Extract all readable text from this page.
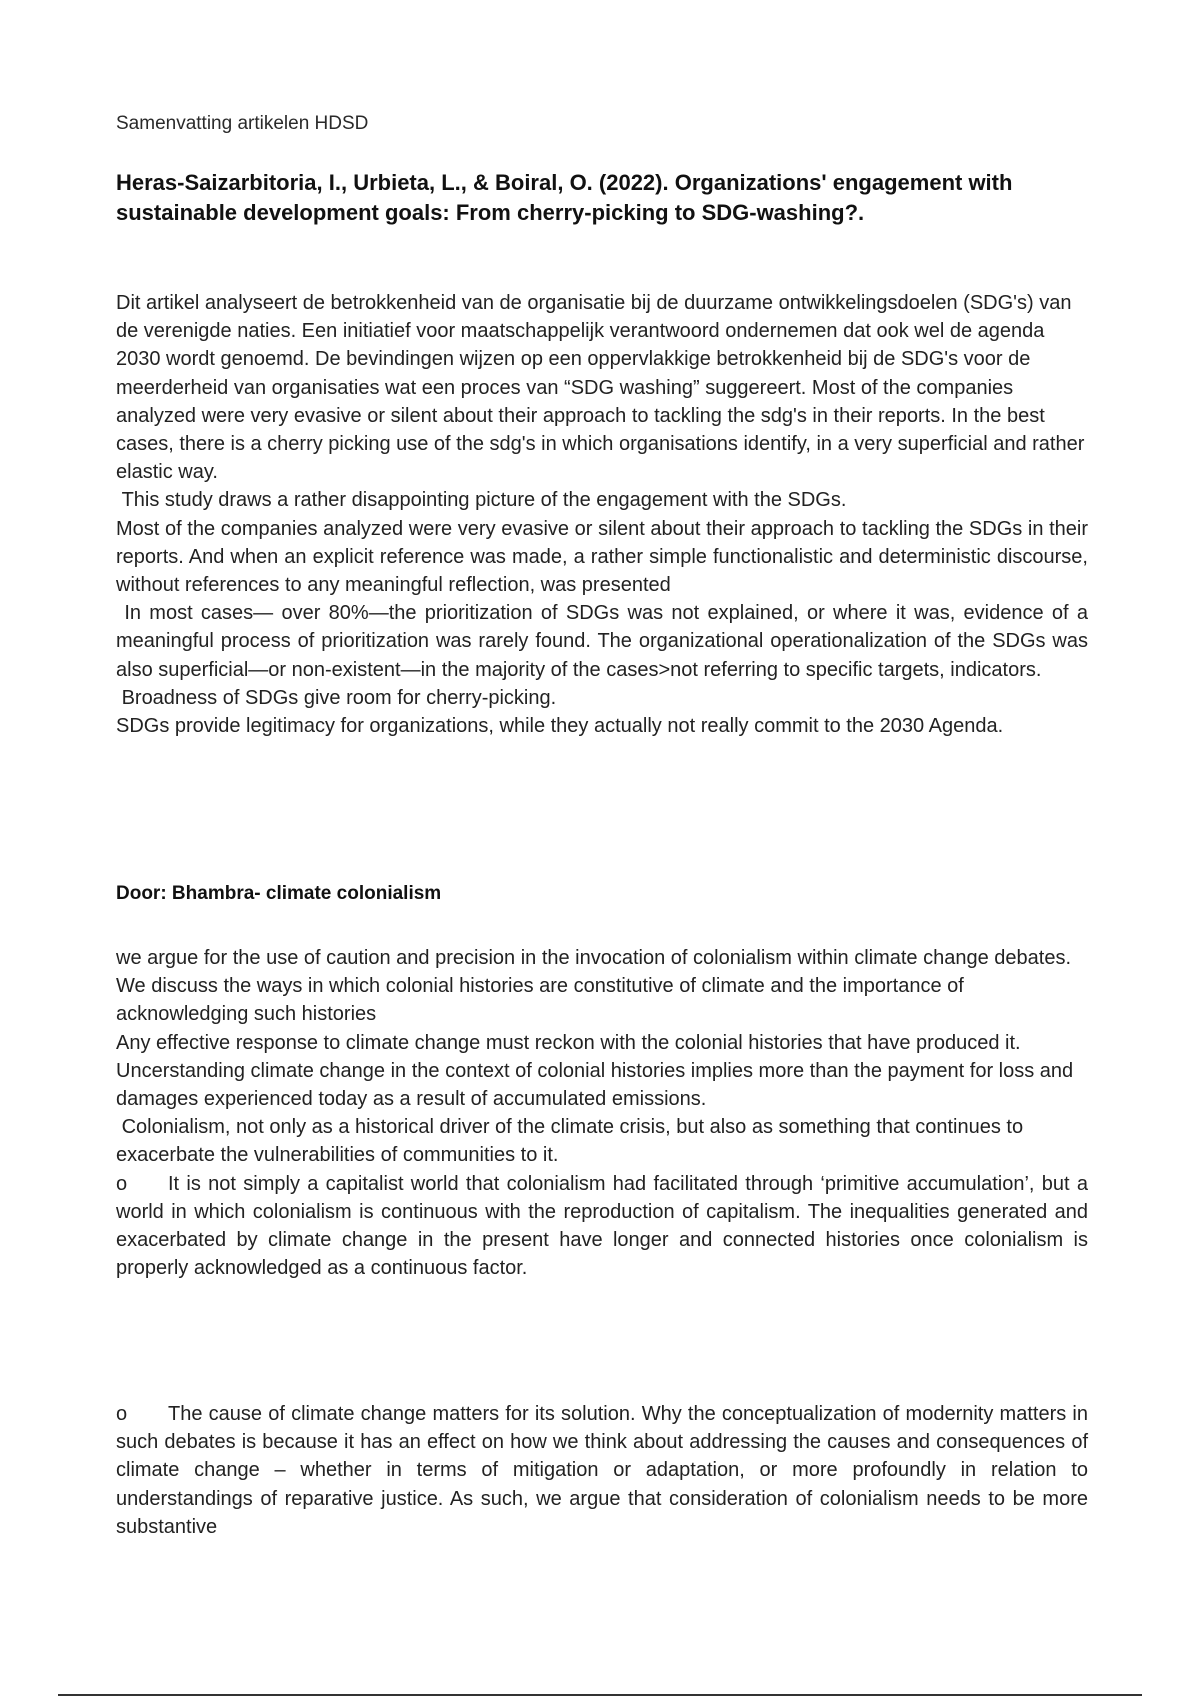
Samenvatting artikelen HDSD
Heras-Saizarbitoria, I., Urbieta, L., & Boiral, O. (2022). Organizations' engagement with sustainable development goals: From cherry-picking to SDG-washing?.

Dit artikel analyseert de betrokkenheid van de organisatie bij de duurzame ontwikkelingsdoelen (SDG's) van de verenigde naties. Een initiatief voor maatschappelijk verantwoord ondernemen dat ook wel de agenda 2030 wordt genoemd. De bevindingen wijzen op een oppervlakkige betrokkenheid bij de SDG's voor de meerderheid van organisaties wat een proces van “SDG washing” suggereert. Most of the companies analyzed were very evasive or silent about their approach to tackling the sdg's in their reports. In the best cases, there is a cherry picking use of the sdg's in which organisations identify, in a very superficial and rather elastic way.

This study draws a rather disappointing picture of the engagement with the SDGs.

Most of the companies analyzed were very evasive or silent about their approach to tackling the SDGs in their reports. And when an explicit reference was made, a rather simple functionalistic and deterministic discourse, without references to any meaningful reflection, was presented

In most cases— over 80%—the prioritization of SDGs was not explained, or where it was, evidence of a meaningful process of prioritization was rarely found. The organizational operationalization of the SDGs was also superficial—or non-existent—in the majority of the cases>not referring to specific targets, indicators.

Broadness of SDGs give room for cherry-picking.

SDGs provide legitimacy for organizations, while they actually not really commit to the 2030 Agenda.

Door: Bhambra- climate colonialism

we argue for the use of caution and precision in the invocation of colonialism within climate change debates.

We discuss the ways in which colonial histories are constitutive of climate and the importance of acknowledging such histories

Any effective response to climate change must reckon with the colonial histories that have produced it.

Uncerstanding climate change in the context of colonial histories implies more than the payment for loss and damages experienced today as a result of accumulated emissions.

Colonialism, not only as a historical driver of the climate crisis, but also as something that continues to exacerbate the vulnerabilities of communities to it.

o It is not simply a capitalist world that colonialism had facilitated through ‘primitive accumulation’, but a world in which colonialism is continuous with the reproduction of capitalism. The inequalities generated and exacerbated by climate change in the present have longer and connected histories once colonialism is properly acknowledged as a continuous factor.

o The cause of climate change matters for its solution. Why the conceptualization of modernity matters in such debates is because it has an effect on how we think about addressing the causes and consequences of climate change – whether in terms of mitigation or adaptation, or more profoundly in relation to understandings of reparative justice. As such, we argue that consideration of colonialism needs to be more substantive
